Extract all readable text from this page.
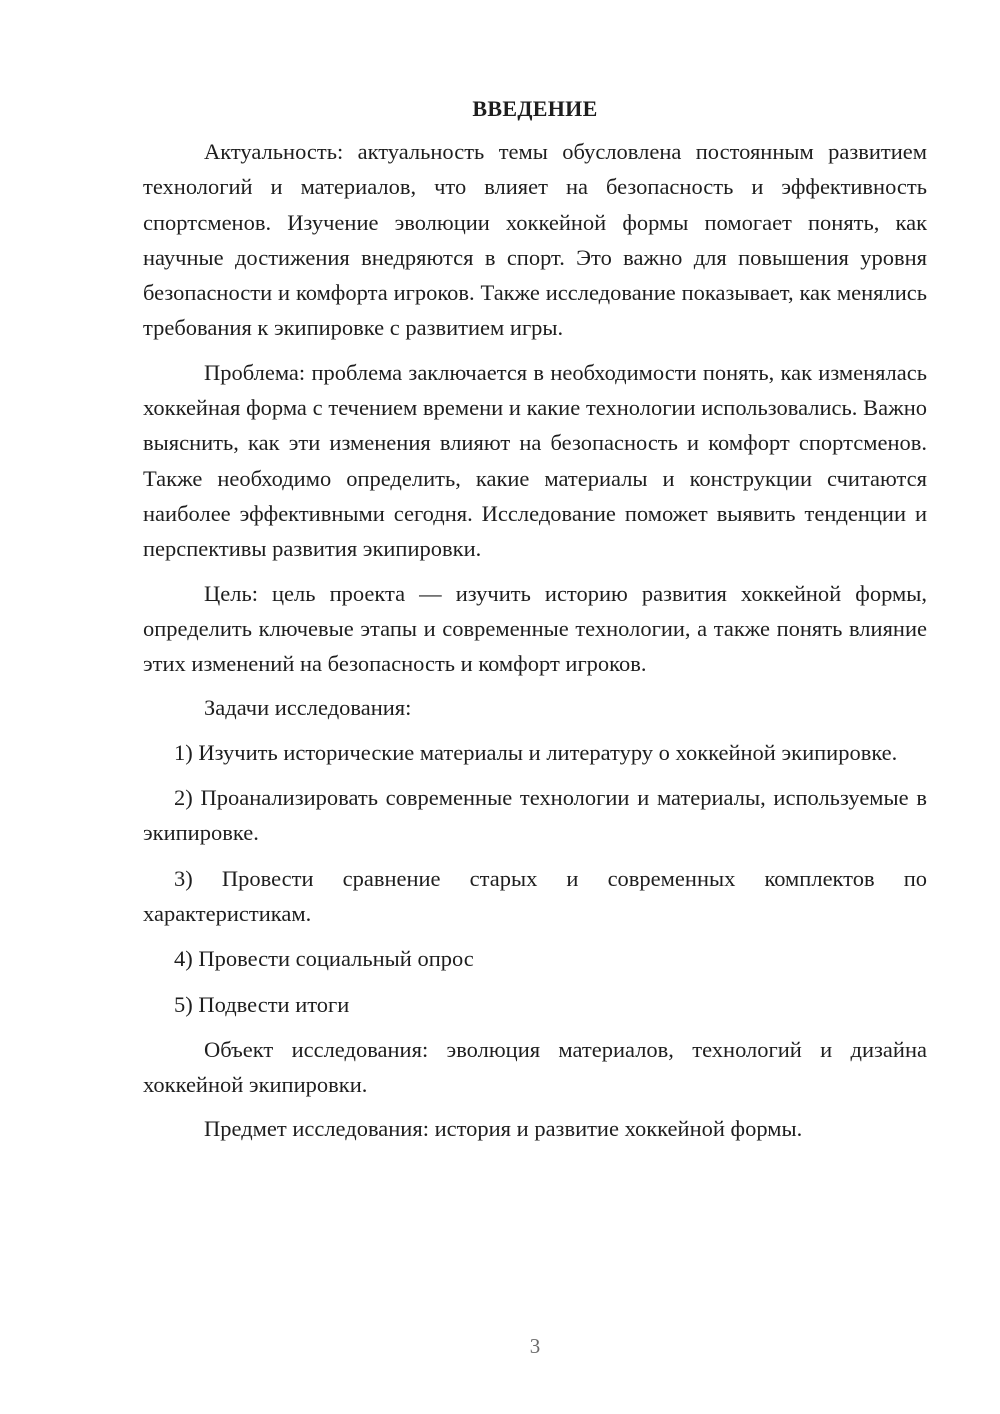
ВВЕДЕНИЕ

Актуальность: актуальность темы обусловлена постоянным развитием технологий и материалов, что влияет на безопасность и эффективность спортсменов. Изучение эволюции хоккейной формы помогает понять, как научные достижения внедряются в спорт. Это важно для повышения уровня безопасности и комфорта игроков. Также исследование показывает, как менялись требования к экипировке с развитием игры.

Проблема: проблема заключается в необходимости понять, как изменялась хоккейная форма с течением времени и какие технологии использовались. Важно выяснить, как эти изменения влияют на безопасность и комфорт спортсменов. Также необходимо определить, какие материалы и конструкции считаются наиболее эффективными сегодня. Исследование поможет выявить тенденции и перспективы развития экипировки.

Цель: цель проекта — изучить историю развития хоккейной формы, определить ключевые этапы и современные технологии, а также понять влияние этих изменений на безопасность и комфорт игроков.

Задачи исследования:

1) Изучить исторические материалы и литературу о хоккейной экипировке.

2) Проанализировать современные технологии и материалы, используемые в экипировке.

3) Провести сравнение старых и современных комплектов по характеристикам.

4) Провести социальный опрос

5) Подвести итоги

Объект исследования: эволюция материалов, технологий и дизайна хоккейной экипировки.

Предмет исследования: история и развитие хоккейной формы.

3
